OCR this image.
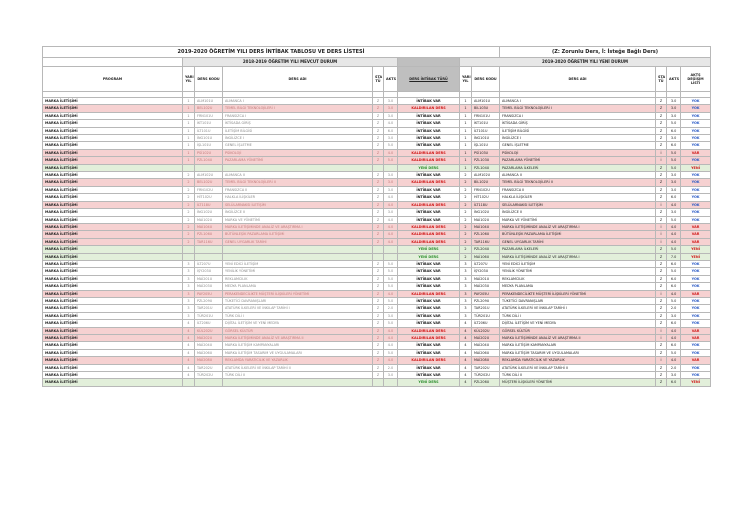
2019-2020 ÖĞRETİM YILI DERS İNTİBAK TABLOSU VE DERS LİSTESİ									(Z: Zorunlu Ders, İ: İsteğe Bağlı Ders)			
	2018-2019 ÖĞRETİM YILI MEVCUT DURUM						2019-2020 ÖĞRETİM YILI YENİ DURUM					
PROGRAM	YARI YIL	DERS KODU	DERS ADI	STA TÜ	AKTS	DERS İNTİBAK TÜRÜ	YARI YIL	DERS KODU	DERS ADI	STA TÜ	AKTS	AKTS DEĞİŞİM LİSTİ

MARKA İLETİŞİMİ	1	ALM101U	ALMANCA I	Z	3.0	İNTİBAK VAR	1	ALM101U	ALMANCA I	Z	3.0	YOK
MARKA İLETİŞİMİ	1	BEL102U	TEMEL BİLGİ TEKNOLOJİLERİ I	Z	3.0	KALDIRILAN DERS	1	BİL103U	TEMEL BİLGİ TEKNOLOJİLERİ I	Z	3.0	YOK
MARKA İLETİŞİMİ	1	FRN101U	FRANSIZCA I	Z	3.0	İNTİBAK VAR	1	FRN101U	FRANSIZCA I	Z	3.0	YOK
MARKA İLETİŞİMİ	1	İKT101U	İKTİSADA GİRİŞ	Z	4.0	İNTİBAK VAR	1	İKT101U	İKTİSADA GİRİŞ	Z	5.0	YOK
MARKA İLETİŞİMİ	1	İLT101U	İLETİŞİM BİLGİSİ	Z	6.0	İNTİBAK VAR	1	İLT101U	İLETİŞİM BİLGİSİ	Z	6.0	YOK
MARKA İLETİŞİMİ	1	İNG101U	İNGİLİZCE I	Z	3.0	İNTİBAK VAR	1	İNG101U	İNGİLİZCE I	Z	3.0	YOK
MARKA İLETİŞİMİ	1	İŞL101U	GENEL İŞLETME	Z	5.0	İNTİBAK VAR	1	İŞL101U	GENEL İŞLETME	Z	6.0	YOK
MARKA İLETİŞİMİ	1	PSİ102U	PSİKOLOJİ	Z	4.0	KALDIRILAN DERS	1	PSİ103U	PSİKOLOJİ	İ	5.0	VAR
MARKA İLETİŞİMİ	1	PZL104U	PAZARLAMA YÖNETİMİ	Z	5.0	KALDIRILAN DERS	1	PZL103U	PAZARLAMA YÖNETİMİ	İ	5.0	YOK
MARKA İLETİŞİMİ						YENİ DERS	1	PZL104U	PAZARLAMA İLKELERİ	Z	5.0	YENİ
MARKA İLETİŞİMİ	2	ALM102U	ALMANCA II	Z	3.0	İNTİBAK VAR	2	ALM102U	ALMANCA II	Z	3.0	YOK
MARKA İLETİŞİMİ	2	BEL102U	TEMEL BİLGİ TEKNOLOJİLERİ II	Z	3.0	KALDIRILAN DERS	2	BİL102U	TEMEL BİLGİ TEKNOLOJİLERİ II	Z	3.0	YOK
MARKA İLETİŞİMİ	2	FRN102U	FRANSIZCA II	Z	3.0	İNTİBAK VAR	2	FRN102U	FRANSIZCA II	Z	3.0	YOK
MARKA İLETİŞİMİ	2	HİT102U	HALKLA İLİŞKİLER	Z	4.0	İNTİBAK VAR	2	HİT102U	HALKLA İLİŞKİLER	Z	6.0	YOK
MARKA İLETİŞİMİ	2	İLT118U	SELÜLARNAKSI İLETİŞİM	Z	4.0	KALDIRILAN DERS	2	İLT118U	SELÜLARNAKSI İLETİŞİM	İ	4.0	YOK
MARKA İLETİŞİMİ	2	İNG102U	İNGİLİZCE II	Z	3.0	İNTİBAK VAR	2	İNG102U	İNGİLİZCE II	Z	3.0	YOK
MARKA İLETİŞİMİ	2	MAİ102U	MARKA VE YÖNETİMİ	Z	4.0	İNTİBAK VAR	2	MAİ102U	MARKA VE YÖNETİMİ	Z	5.0	YOK
MARKA İLETİŞİMİ	2	MAİ104U	MARKA İLETİŞİMİNDE ANALİZ VE ARAŞTIRMA I	Z	4.0	KALDIRILAN DERS	2	MAİ104U	MARKA İLETİŞİMİNDE ANALİZ VE ARAŞTIRMA I	İ	4.0	VAR
MARKA İLETİŞİMİ	2	PZL106U	BÜTÜNLEŞİK PAZARLAMA İLETİŞİMİ	Z	4.0	KALDIRILAN DERS	2	PZL106U	BÜTÜNLEŞİK PAZARLAMA İLETİŞİMİ	İ	4.0	VAR
MARKA İLETİŞİMİ	2	TAR116U	GENEL UYGARLIK TARİHİ	Z	4.0	KALDIRILAN DERS	2	TAR116U	GENEL UYGARLIK TARİHİ	İ	4.0	VAR
MARKA İLETİŞİMİ						YENİ DERS	2	PZL204U	PAZARLAMA İLKELERİ	Z	5.0	YENİ
MARKA İLETİŞİMİ						YENİ DERS	2	MAİ106U	MARKA İLETİŞİMİNDE ANALİZ VE ARAŞTIRMA I	Z	7.0	YENİ
MARKA İLETİŞİMİ	3	İLT207U	YENİ EDİCİ İLETİŞİM	Z	5.0	İNTİBAK VAR	3	İLT207U	YENİ EDİCİ İLETİŞİM	Z	6.0	YOK
MARKA İLETİŞİMİ	3	İŞY203U	YENİLİK YÖNETİMİ	Z	5.0	İNTİBAK VAR	3	İŞY203U	YENİLİK YÖNETİMİ	Z	5.0	YOK
MARKA İLETİŞİMİ	3	MAİ201U	REKLAMCILIK	Z	5.0	İNTİBAK VAR	3	MAİ201U	REKLAMCILIK	Z	6.0	YOK
MARKA İLETİŞİMİ	3	MAİ203U	MEDYA PLANLAMA	Z	5.0	İNTİBAK VAR	3	MAİ203U	MEDYA PLANLAMA	Z	6.0	YOK
MARKA İLETİŞİMİ	3	PAY205U	PERAKENDECİLİKTE MÜŞTERİ İLİŞKİLERİ YÖNETİMİ	Z	4.0	KALDIRILAN DERS	3	PAY205U	PERAKENDECİLİKTE MÜŞTERİ İLİŞKİLERİ YÖNETİMİ	İ	4.0	VAR
MARKA İLETİŞİMİ	3	PZL209U	TÜKETİCİ DAVRANIŞLARI	Z	5.0	İNTİBAK VAR	3	PZL209U	TÜKETİCİ DAVRANIŞLARI	Z	5.0	YOK
MARKA İLETİŞİMİ	3	TAR201U	ATATÜRK İLKELERİ VE İNKILAP TARİHİ I	Z	2.0	İNTİBAK VAR	3	TAR201U	ATATÜRK İLKELERİ VE İNKILAP TARİHİ I	Z	2.0	YOK
MARKA İLETİŞİMİ	3	TÜR201U	TÜRK DİLİ I	Z	3.0	İNTİBAK VAR	3	TÜR201U	TÜRK DİLİ I	Z	3.0	YOK
MARKA İLETİŞİMİ	4	İLT206U	DİJİTAL İLETİŞİM VE YENİ MEDYA	Z	5.0	İNTİBAK VAR	4	İLT206U	DİJİTAL İLETİŞİM VE YENİ MEDYA	Z	6.0	YOK
MARKA İLETİŞİMİ	4	KÜL202U	GÖRSEL KÜLTÜR	Z	4.0	KALDIRILAN DERS	4	KÜL202U	GÖRSEL KÜLTÜR	İ	4.0	VAR
MARKA İLETİŞİMİ	4	MAİ202U	MARKA İLETİŞİMİNDE ANALİZ VE ARAŞTIRMA II	Z	4.0	KALDIRILAN DERS	4	MAİ202U	MARKA İLETİŞİMİNDE ANALİZ VE ARAŞTIRMA II	İ	4.0	VAR
MARKA İLETİŞİMİ	4	MAİ204U	MARKA İLETİŞİM KAMPANYALARI	Z	4.0	İNTİBAK VAR	4	MAİ204U	MARKA İLETİŞİM KAMPANYALARI	Z	6.0	YOK
MARKA İLETİŞİMİ	4	MAİ206U	MARKA İLETİŞİM TASARIM VE UYGULAMALARI	Z	5.0	İNTİBAK VAR	4	MAİ206U	MARKA İLETİŞİM TASARIM VE UYGULAMALARI	Z	5.0	YOK
MARKA İLETİŞİMİ	4	MAİ208U	REKLAMDA YARATICILIK VE YAZARLIK	Z	4.0	KALDIRILAN DERS	4	MAİ208U	REKLAMDA YARATICILIK VE YAZARLIK	İ	4.0	VAR
MARKA İLETİŞİMİ	4	TAR202U	ATATÜRK İLKELERİ VE İNKILAP TARİHİ II	Z	2.0	İNTİBAK VAR	4	TAR202U	ATATÜRK İLKELERİ VE İNKILAP TARİHİ II	Z	2.0	YOK
MARKA İLETİŞİMİ	4	TÜR202U	TÜRK DİLİ II	Z	3.0	İNTİBAK VAR	4	TÜR202U	TÜRK DİLİ II	Z	3.0	YOK
MARKA İLETİŞİMİ						YENİ DERS	4	PZL206U	MÜŞTERİ İLİŞKİLERİ YÖNETİMİ	Z	6.0	YENİ
